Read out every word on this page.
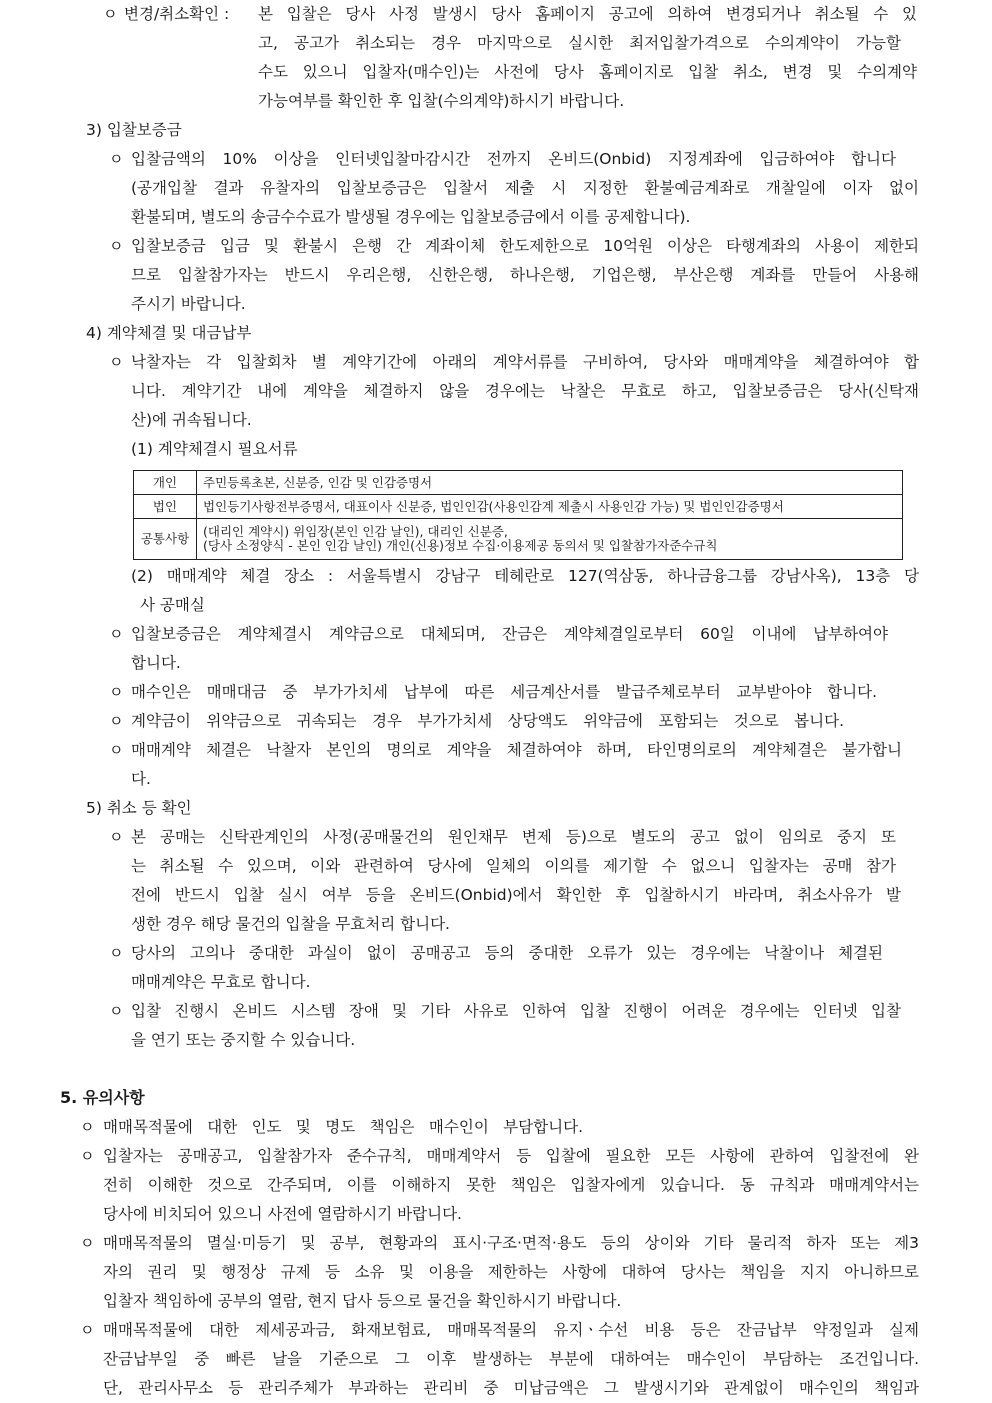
ㅇ 변경/취소확인 : 본 입찰은 당사 사정 발생시 당사 홈페이지 공고에 의하여 변경되거나 취소될 수 있
고, 공고가 취소되는 경우 마지막으로 실시한 최저입찰가격으로 수의계약이 가능할
수도 있으니 입찰자(매수인)는 사전에 당사 홈페이지로 입찰 취소, 변경 및 수의계약
가능여부를 확인한 후 입찰(수의계약)하시기 바랍니다.
3) 입찰보증금
ㅇ 입찰금액의 10% 이상을 인터넷입찰마감시간 전까지 온비드(Onbid) 지정계좌에 입금하여야 합니다
(공개입찰 결과 유찰자의 입찰보증금은 입찰서 제출 시 지정한 환불예금계좌로 개찰일에 이자 없이
환불되며, 별도의 송금수수료가 발생될 경우에는 입찰보증금에서 이를 공제합니다).
ㅇ 입찰보증금 입금 및 환불시 은행 간 계좌이체 한도제한으로 10억원 이상은 타행계좌의 사용이 제한되
므로 입찰참가자는 반드시 우리은행, 신한은행, 하나은행, 기업은행, 부산은행 계좌를 만들어 사용해
주시기 바랍니다.
4) 계약체결 및 대금납부
ㅇ 낙찰자는 각 입찰회차 별 계약기간에 아래의 계약서류를 구비하여, 당사와 매매계약을 체결하여야 합
니다. 계약기간 내에 계약을 체결하지 않을 경우에는 낙찰은 무효로 하고, 입찰보증금은 당사(신탁재
산)에 귀속됩니다.
(1) 계약체결시 필요서류
개인	주민등록초본, 신분증, 인감 및 인감증명서
법인	법인등기사항전부증명서, 대표이사 신분증, 법인인감(사용인감계 제출시 사용인감 가능) 및 법인인감증명서
공통사항	(대리인 계약시) 위임장(본인 인감 날인), 대리인 신분증,
(당사 소정양식 - 본인 인감 날인) 개인(신용)정보 수집·이용제공 동의서 및 입찰참가자준수규칙
(2) 매매계약 체결 장소 : 서울특별시 강남구 테헤란로 127(역삼동, 하나금융그룹 강남사옥), 13층 당
사 공매실
ㅇ 입찰보증금은 계약체결시 계약금으로 대체되며, 잔금은 계약체결일로부터 60일 이내에 납부하여야
합니다.
ㅇ 매수인은 매매대금 중 부가가치세 납부에 따른 세금계산서를 발급주체로부터 교부받아야 합니다.
ㅇ 계약금이 위약금으로 귀속되는 경우 부가가치세 상당액도 위약금에 포함되는 것으로 봅니다.
ㅇ 매매계약 체결은 낙찰자 본인의 명의로 계약을 체결하여야 하며, 타인명의로의 계약체결은 불가합니
다.
5) 취소 등 확인
ㅇ 본 공매는 신탁관계인의 사정(공매물건의 원인채무 변제 등)으로 별도의 공고 없이 임의로 중지 또
는 취소될 수 있으며, 이와 관련하여 당사에 일체의 이의를 제기할 수 없으니 입찰자는 공매 참가
전에 반드시 입찰 실시 여부 등을 온비드(Onbid)에서 확인한 후 입찰하시기 바라며, 취소사유가 발
생한 경우 해당 물건의 입찰을 무효처리 합니다.
ㅇ 당사의 고의나 중대한 과실이 없이 공매공고 등의 중대한 오류가 있는 경우에는 낙찰이나 체결된
매매계약은 무효로 합니다.
ㅇ 입찰 진행시 온비드 시스템 장애 및 기타 사유로 인하여 입찰 진행이 어려운 경우에는 인터넷 입찰
을 연기 또는 중지할 수 있습니다.
5. 유의사항
ㅇ 매매목적물에 대한 인도 및 명도 책임은 매수인이 부담합니다.
ㅇ 입찰자는 공매공고, 입찰참가자 준수규칙, 매매계약서 등 입찰에 필요한 모든 사항에 관하여 입찰전에 완
전히 이해한 것으로 간주되며, 이를 이해하지 못한 책임은 입찰자에게 있습니다. 동 규칙과 매매계약서는
당사에 비치되어 있으니 사전에 열람하시기 바랍니다.
ㅇ 매매목적물의 멸실·미등기 및 공부, 현황과의 표시·구조·면적·용도 등의 상이와 기타 물리적 하자 또는 제3
자의 권리 및 행정상 규제 등 소유 및 이용을 제한하는 사항에 대하여 당사는 책임을 지지 아니하므로
입찰자 책임하에 공부의 열람, 현지 답사 등으로 물건을 확인하시기 바랍니다.
ㅇ 매매목적물에 대한 제세공과금, 화재보험료, 매매목적물의 유지ㆍ수선 비용 등은 잔금납부 약정일과 실제
잔금납부일 중 빠른 날을 기준으로 그 이후 발생하는 부분에 대하여는 매수인이 부담하는 조건입니다.
단, 관리사무소 등 관리주체가 부과하는 관리비 중 미납금액은 그 발생시기와 관계없이 매수인의 책임과
